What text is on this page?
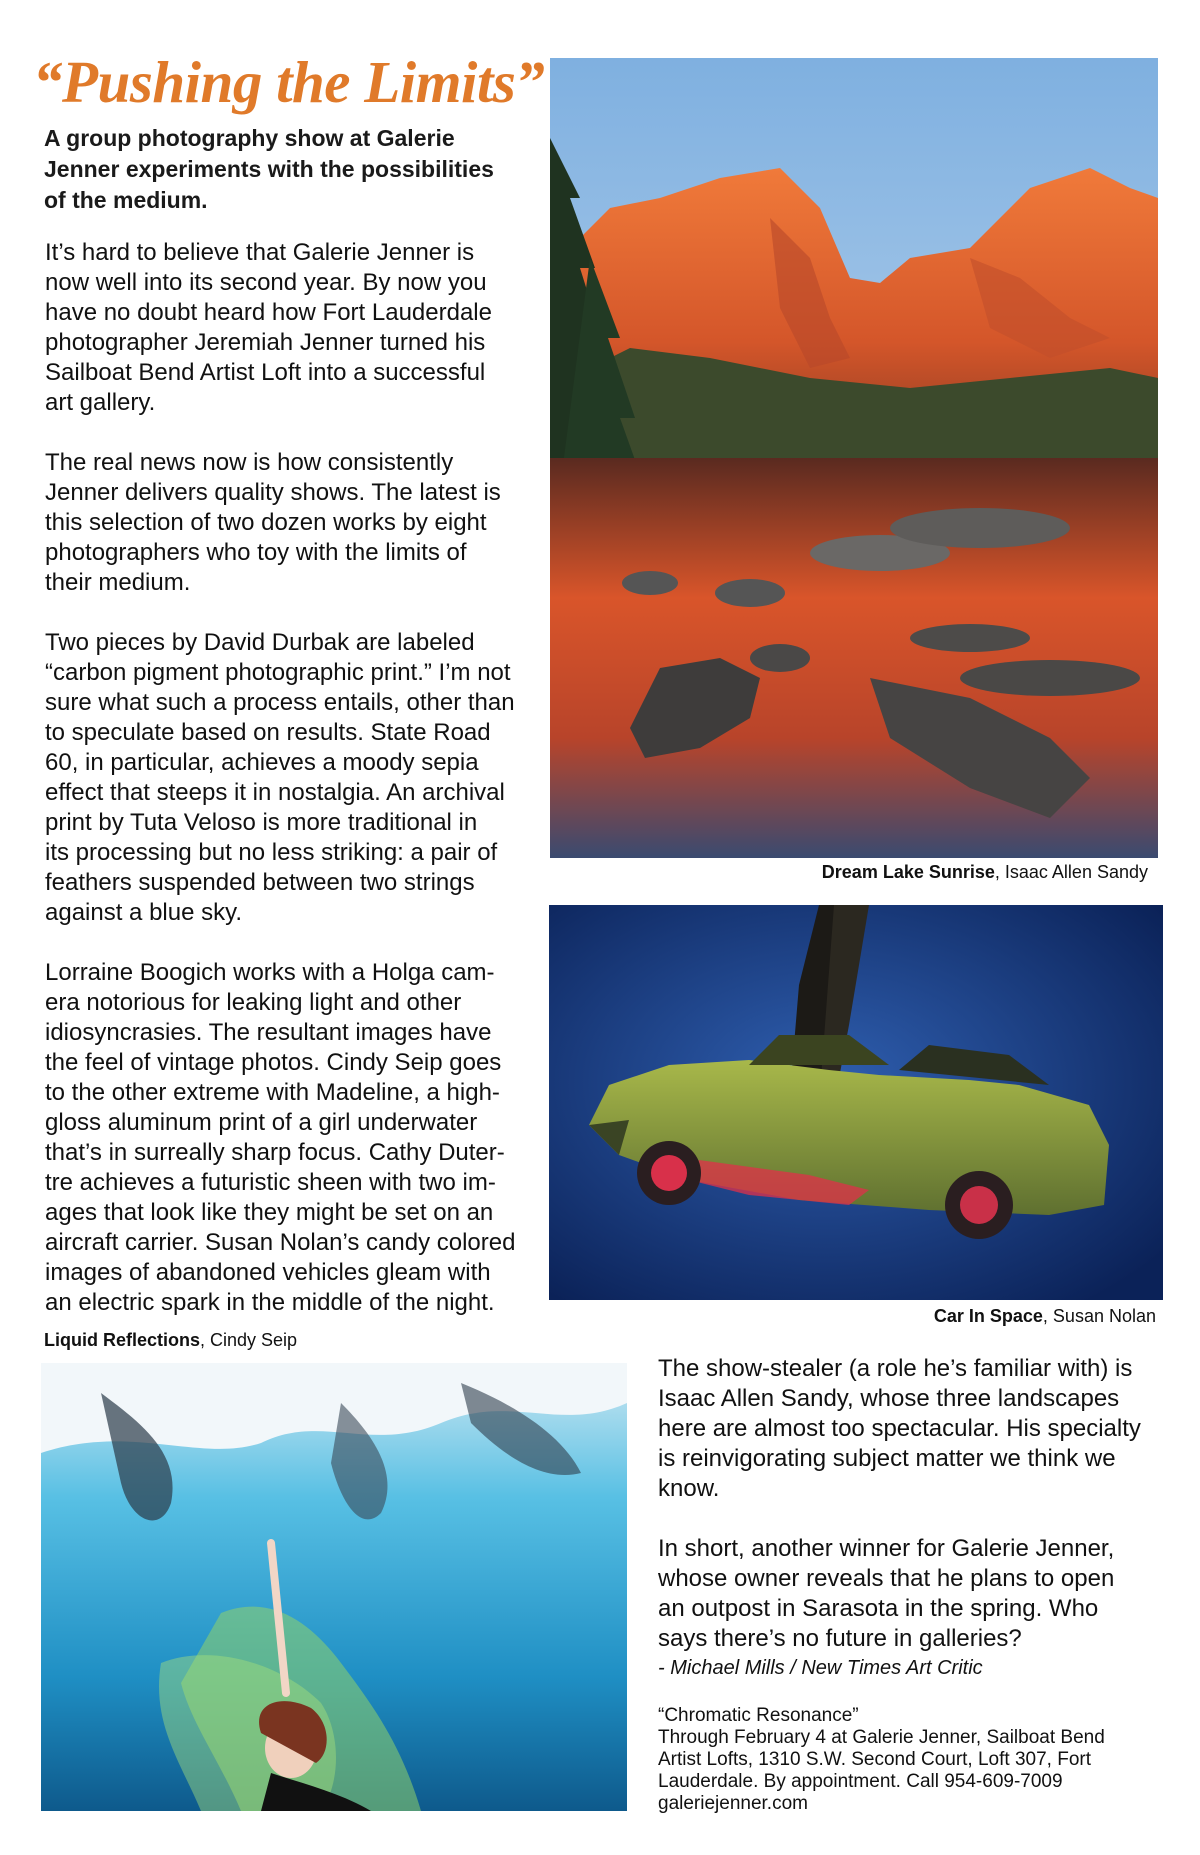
“Pushing the Limits”
A group photography show at Galerie
Jenner experiments with the possibilities
of the medium.

It’s hard to believe that Galerie Jenner is
now well into its second year. By now you
have no doubt heard how Fort Lauderdale
photographer Jeremiah Jenner turned his
Sailboat Bend Artist Loft into a successful
art gallery.

The real news now is how consistently
Jenner delivers quality shows. The latest is
this selection of two dozen works by eight
photographers who toy with the limits of
their medium.

Two pieces by David Durbak are labeled
“carbon pigment photographic print.” I’m not
sure what such a process entails, other than
to speculate based on results. State Road
60, in particular, achieves a moody sepia
effect that steeps it in nostalgia. An archival
print by Tuta Veloso is more traditional in
its processing but no less striking: a pair of
feathers suspended between two strings
against a blue sky.

Lorraine Boogich works with a Holga cam-
era notorious for leaking light and other
idiosyncrasies. The resultant images have
the feel of vintage photos. Cindy Seip goes
to the other extreme with Madeline, a high-
gloss aluminum print of a girl underwater
that’s in surreally sharp focus. Cathy Duter-
tre achieves a futuristic sheen with two im-
ages that look like they might be set on an
aircraft carrier. Susan Nolan’s candy colored
images of abandoned vehicles gleam with
an electric spark in the middle of the night.

Dream Lake Sunrise, Isaac Allen Sandy
Car In Space, Susan Nolan
Liquid Reflections, Cindy Seip

The show-stealer (a role he’s familiar with) is
Isaac Allen Sandy, whose three landscapes
here are almost too spectacular. His specialty
is reinvigorating subject matter we think we
know.

In short, another winner for Galerie Jenner,
whose owner reveals that he plans to open
an outpost in Sarasota in the spring. Who
says there’s no future in galleries?

- Michael Mills / New Times Art Critic
“Chromatic Resonance”
Through February 4 at Galerie Jenner, Sailboat Bend
Artist Lofts, 1310 S.W. Second Court, Loft 307, Fort
Lauderdale. By appointment. Call 954-609-7009
galeriejenner.com
